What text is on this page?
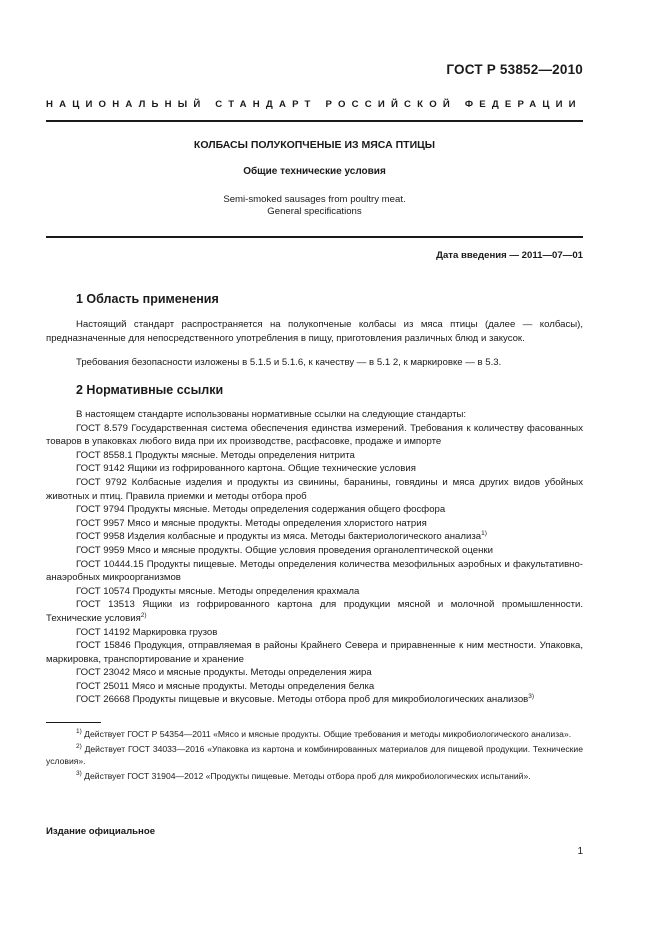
ГОСТ Р 53852—2010
НАЦИОНАЛЬНЫЙ СТАНДАРТ РОССИЙСКОЙ ФЕДЕРАЦИИ
КОЛБАСЫ ПОЛУКОПЧЕНЫЕ ИЗ МЯСА ПТИЦЫ
Общие технические условия
Semi-smoked sausages from poultry meat.
General specifications
Дата введения — 2011—07—01
1 Область применения

Настоящий стандарт распространяется на полукопченые колбасы из мяса птицы (далее — колбасы), предназначенные для непосредственного употребления в пищу, приготовления различных блюд и закусок.

Требования безопасности изложены в 5.1.5 и 5.1.6, к качеству — в 5.1 2, к маркировке — в 5.3.

2 Нормативные ссылки

В настоящем стандарте использованы нормативные ссылки на следующие стандарты:

ГОСТ 8.579 Государственная система обеспечения единства измерений. Требования к количеству фасованных товаров в упаковках любого вида при их производстве, расфасовке, продаже и импорте

ГОСТ 8558.1 Продукты мясные. Методы определения нитрита

ГОСТ 9142 Ящики из гофрированного картона. Общие технические условия

ГОСТ 9792 Колбасные изделия и продукты из свинины, баранины, говядины и мяса других видов убойных животных и птиц. Правила приемки и методы отбора проб

ГОСТ 9794 Продукты мясные. Методы определения содержания общего фосфора

ГОСТ 9957 Мясо и мясные продукты. Методы определения хлористого натрия

ГОСТ 9958 Изделия колбасные и продукты из мяса. Методы бактериологического анализа$^{1)}$

ГОСТ 9959 Мясо и мясные продукты. Общие условия проведения органолептической оценки

ГОСТ 10444.15 Продукты пищевые. Методы определения количества мезофильных аэробных и факультативно-анаэробных микроорганизмов

ГОСТ 10574 Продукты мясные. Методы определения крахмала

ГОСТ 13513 Ящики из гофрированного картона для продукции мясной и молочной промышленности. Технические условия$^{2)}$

ГОСТ 14192 Маркировка грузов

ГОСТ 15846 Продукция, отправляемая в районы Крайнего Севера и приравненные к ним местности. Упаковка, маркировка, транспортирование и хранение

ГОСТ 23042 Мясо и мясные продукты. Методы определения жира

ГОСТ 25011 Мясо и мясные продукты. Методы определения белка

ГОСТ 26668 Продукты пищевые и вкусовые. Методы отбора проб для микробиологических анализов$^{3)}$

$^{1)}$ Действует ГОСТ Р 54354—2011 «Мясо и мясные продукты. Общие требования и методы микробиологического анализа».

$^{2)}$ Действует ГОСТ 34033—2016 «Упаковка из картона и комбинированных материалов для пищевой продукции. Технические условия».

$^{3)}$ Действует ГОСТ 31904—2012 «Продукты пищевые. Методы отбора проб для микробиологических испытаний».

Издание официальное
1
